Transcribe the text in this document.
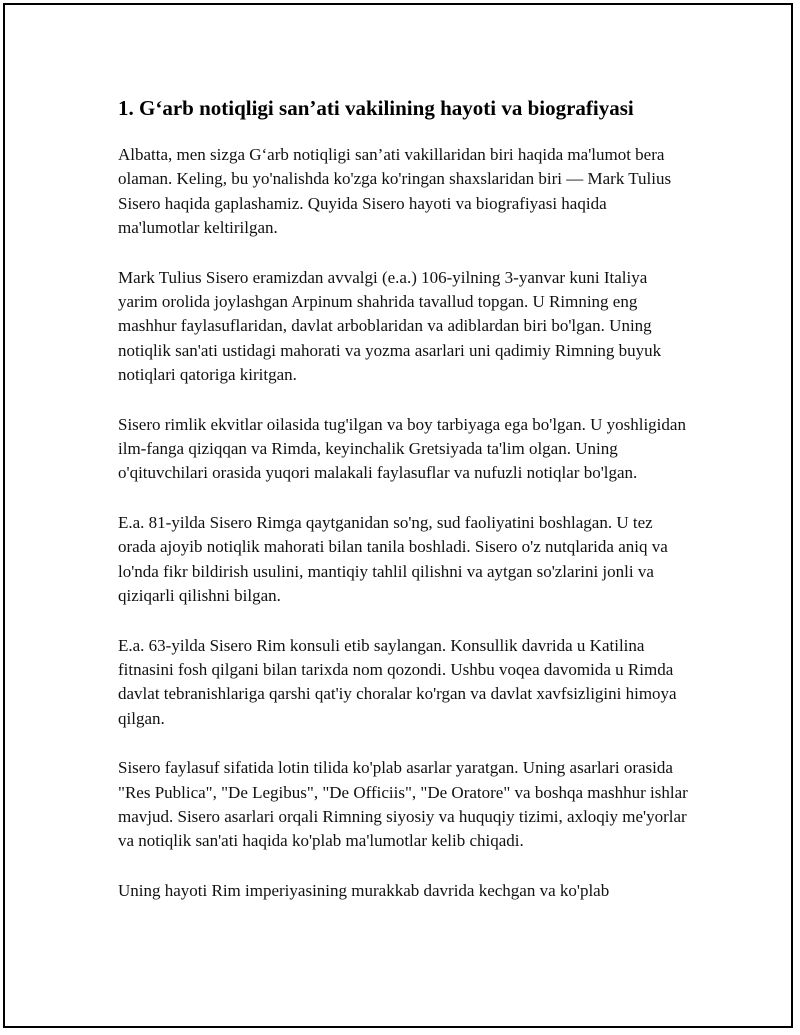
1. G‘arb notiqligi san’ati vakilining hayoti va biografiyasi

Albatta, men sizga G‘arb notiqligi san’ati vakillaridan biri haqida ma'lumot bera olaman. Keling, bu yo'nalishda ko'zga ko'ringan shaxslaridan biri — Mark Tulius Sisero haqida gaplashamiz. Quyida Sisero hayoti va biografiyasi haqida ma'lumotlar keltirilgan.

Mark Tulius Sisero eramizdan avvalgi (e.a.) 106-yilning 3-yanvar kuni Italiya yarim orolida joylashgan Arpinum shahrida tavallud topgan. U Rimning eng mashhur faylasuflaridan, davlat arboblaridan va adiblardan biri bo'lgan. Uning notiqlik san'ati ustidagi mahorati va yozma asarlari uni qadimiy Rimning buyuk notiqlari qatoriga kiritgan.

Sisero rimlik ekvitlar oilasida tug'ilgan va boy tarbiyaga ega bo'lgan. U yoshligidan ilm-fanga qiziqqan va Rimda, keyinchalik Gretsiyada ta'lim olgan. Uning o'qituvchilari orasida yuqori malakali faylasuflar va nufuzli notiqlar bo'lgan.

E.a. 81-yilda Sisero Rimga qaytganidan so'ng, sud faoliyatini boshlagan. U tez orada ajoyib notiqlik mahorati bilan tanila boshladi. Sisero o'z nutqlarida aniq va lo'nda fikr bildirish usulini, mantiqiy tahlil qilishni va aytgan so'zlarini jonli va qiziqarli qilishni bilgan.

E.a. 63-yilda Sisero Rim konsuli etib saylangan. Konsullik davrida u Katilina fitnasini fosh qilgani bilan tarixda nom qozondi. Ushbu voqea davomida u Rimda davlat tebranishlariga qarshi qat'iy choralar ko'rgan va davlat xavfsizligini himoya qilgan.

Sisero faylasuf sifatida lotin tilida ko'plab asarlar yaratgan. Uning asarlari orasida "Res Publica", "De Legibus", "De Officiis", "De Oratore" va boshqa mashhur ishlar mavjud. Sisero asarlari orqali Rimning siyosiy va huquqiy tizimi, axloqiy me'yorlar va notiqlik san'ati haqida ko'plab ma'lumotlar kelib chiqadi.

Uning hayoti Rim imperiyasining murakkab davrida kechgan va ko'plab
